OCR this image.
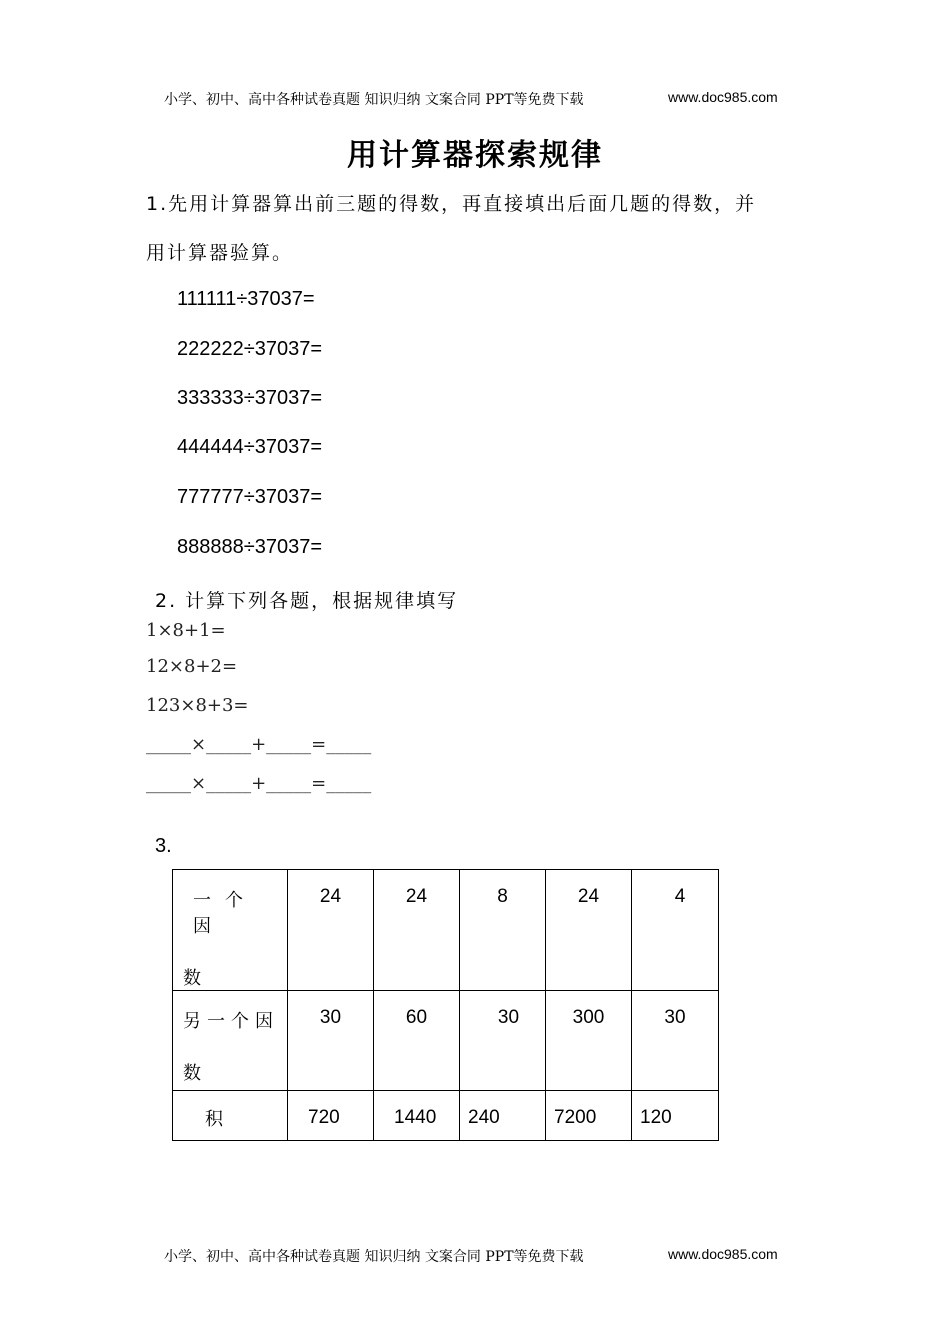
小学、初中、高中各种试卷真题 知识归纳 文案合同 PPT等免费下载	www.doc985.com
用计算器探索规律
1.先用计算器算出前三题的得数，再直接填出后面几题的得数，并
用计算器验算。
111111÷37037=
222222÷37037=
333333÷37037=
444444÷37037=
777777÷37037=
888888÷37037=
2. 计算下列各题，根据规律填写
1×8+1=
12×8+2=
123×8+3=
_____×_____+_____=_____
_____×_____+_____=_____
3.
一个因
数	24	24	8	24	4

另一个因
数	30	60	30	300	30

积	720	1440	240	7200	120
小学、初中、高中各种试卷真题 知识归纳 文案合同 PPT等免费下载	www.doc985.com
